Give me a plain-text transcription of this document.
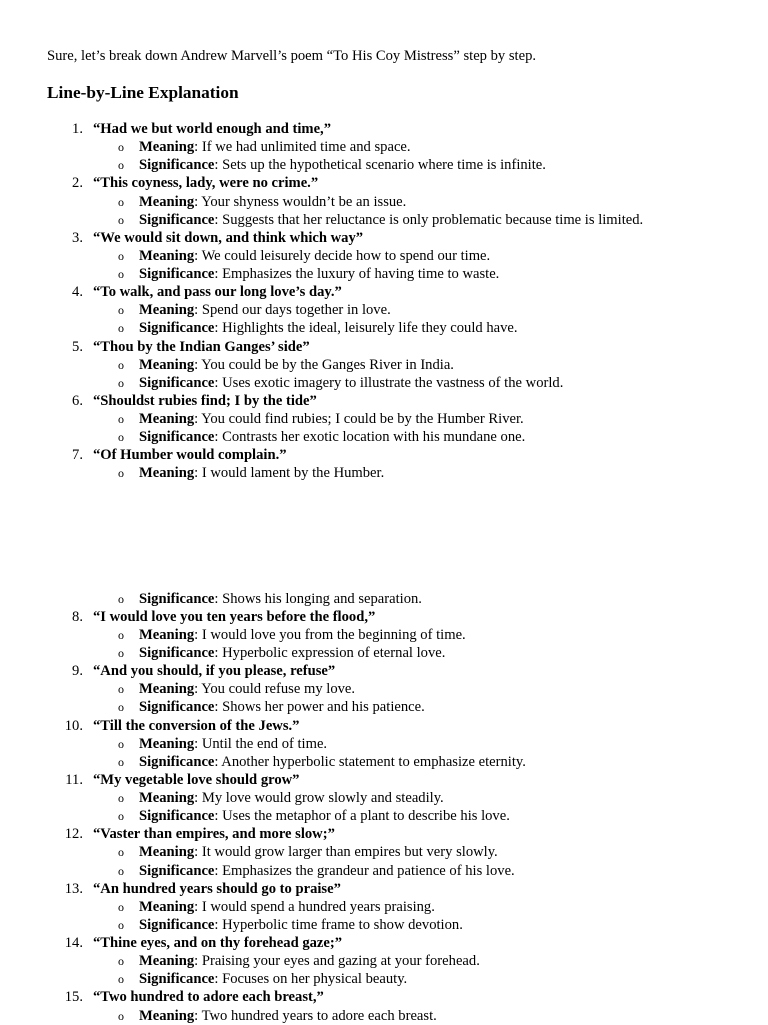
Sure, let’s break down Andrew Marvell’s poem “To His Coy Mistress” step by step.
Line-by-Line Explanation
1. “Had we but world enough and time,”
o Meaning: If we had unlimited time and space.
o Significance: Sets up the hypothetical scenario where time is infinite.
2. “This coyness, lady, were no crime.”
o Meaning: Your shyness wouldn’t be an issue.
o Significance: Suggests that her reluctance is only problematic because time is limited.
3. “We would sit down, and think which way”
o Meaning: We could leisurely decide how to spend our time.
o Significance: Emphasizes the luxury of having time to waste.
4. “To walk, and pass our long love’s day.”
o Meaning: Spend our days together in love.
o Significance: Highlights the ideal, leisurely life they could have.
5. “Thou by the Indian Ganges’ side”
o Meaning: You could be by the Ganges River in India.
o Significance: Uses exotic imagery to illustrate the vastness of the world.
6. “Shouldst rubies find; I by the tide”
o Meaning: You could find rubies; I could be by the Humber River.
o Significance: Contrasts her exotic location with his mundane one.
7. “Of Humber would complain.”
o Meaning: I would lament by the Humber.
o Significance: Shows his longing and separation.
8. “I would love you ten years before the flood,”
o Meaning: I would love you from the beginning of time.
o Significance: Hyperbolic expression of eternal love.
9. “And you should, if you please, refuse”
o Meaning: You could refuse my love.
o Significance: Shows her power and his patience.
10. “Till the conversion of the Jews.”
o Meaning: Until the end of time.
o Significance: Another hyperbolic statement to emphasize eternity.
11. “My vegetable love should grow”
o Meaning: My love would grow slowly and steadily.
o Significance: Uses the metaphor of a plant to describe his love.
12. “Vaster than empires, and more slow;”
o Meaning: It would grow larger than empires but very slowly.
o Significance: Emphasizes the grandeur and patience of his love.
13. “An hundred years should go to praise”
o Meaning: I would spend a hundred years praising.
o Significance: Hyperbolic time frame to show devotion.
14. “Thine eyes, and on thy forehead gaze;”
o Meaning: Praising your eyes and gazing at your forehead.
o Significance: Focuses on her physical beauty.
15. “Two hundred to adore each breast,”
o Meaning: Two hundred years to adore each breast.
